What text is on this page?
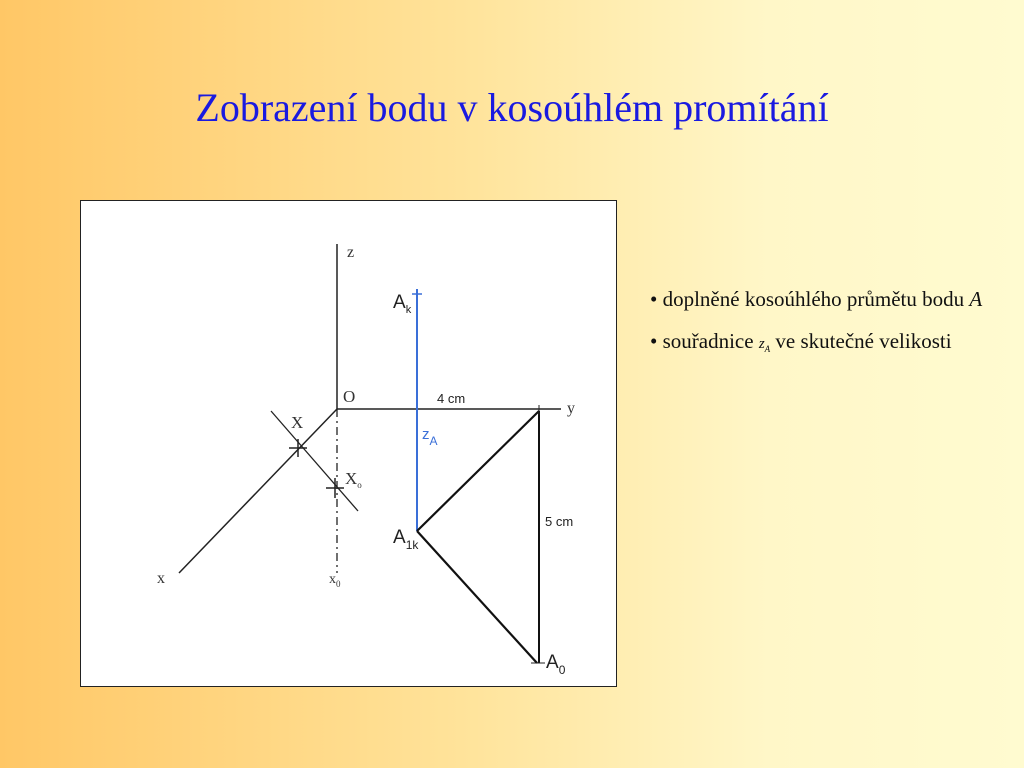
Zobrazení bodu v kosoúhlém promítání
z
y
x	$x_0$
O
X
$X_o$
$A_k$
$A_{1k}$
$A_0$
$z_A$
4 cm
5 cm

• doplněné kosoúhlého průmětu bodu A

• souřadnice $z_A$ ve skutečné velikosti
